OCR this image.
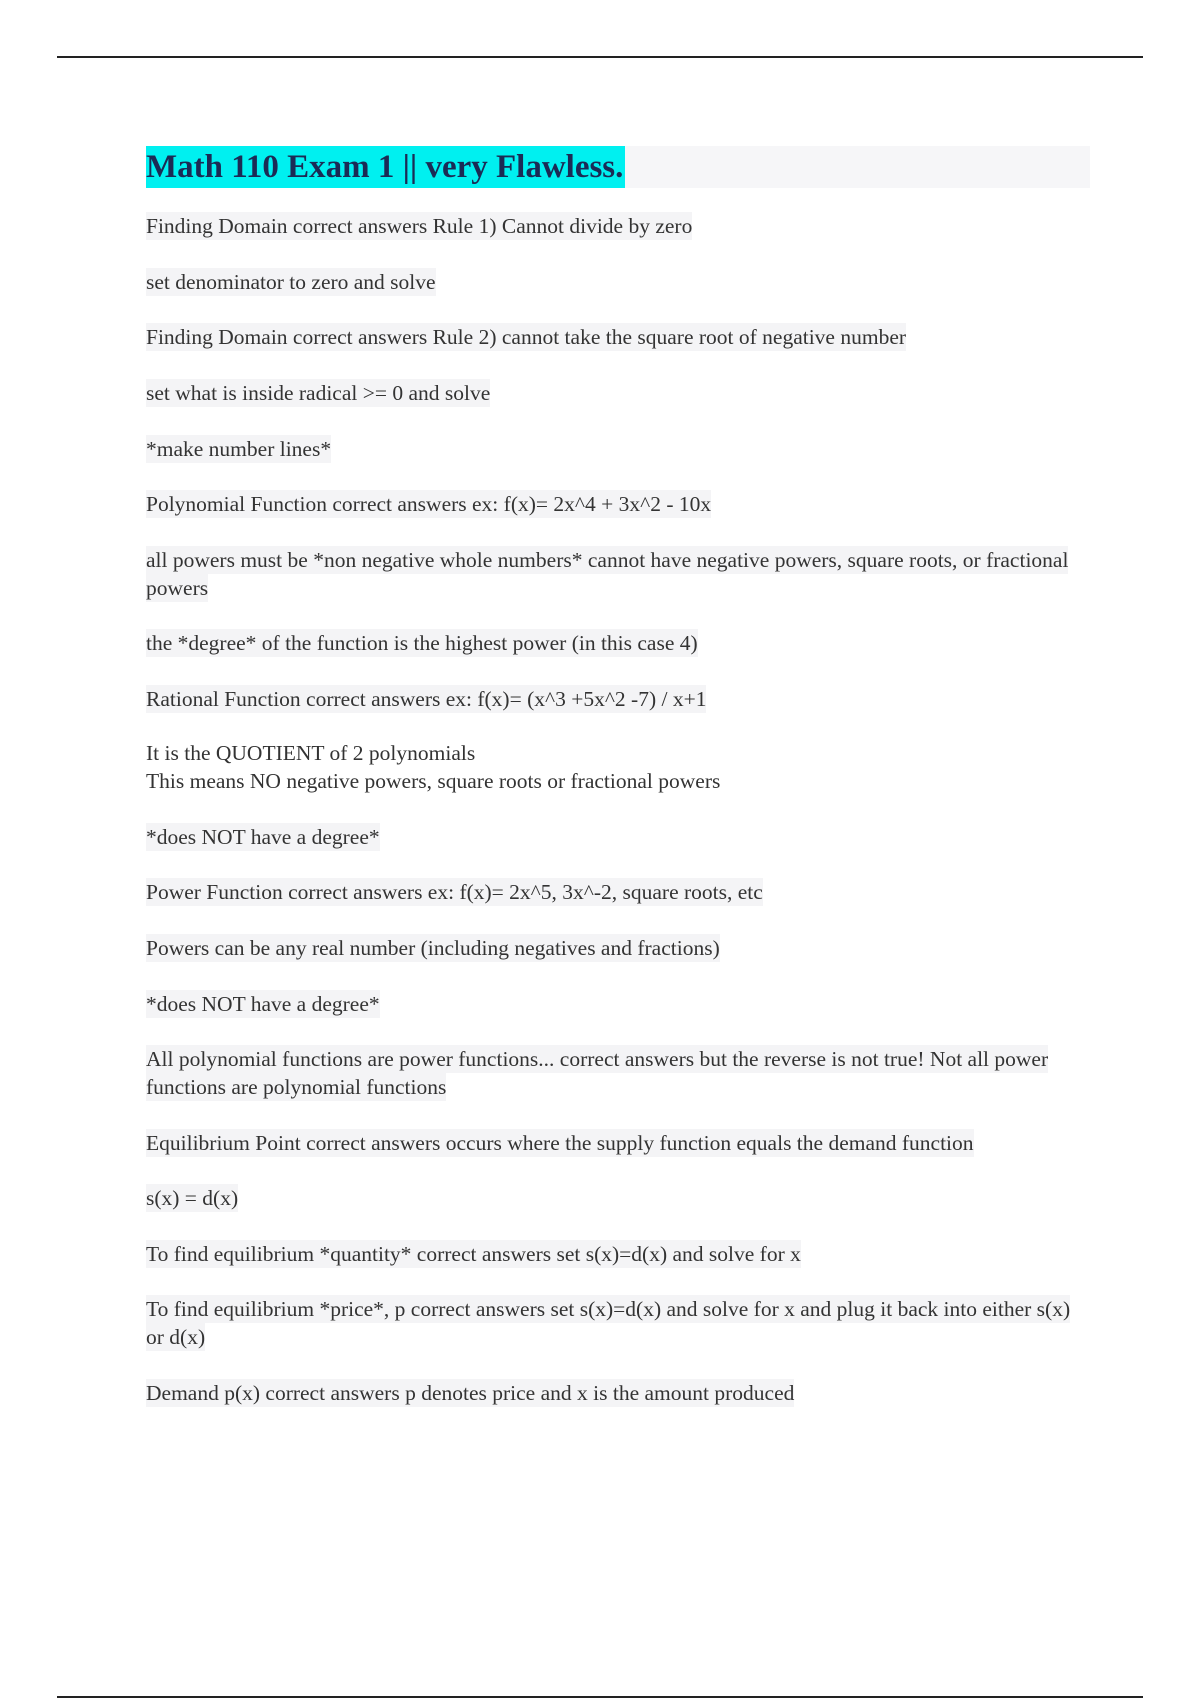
Math 110 Exam 1 || very Flawless.
Finding Domain correct answers Rule 1) Cannot divide by zero
set denominator to zero and solve
Finding Domain correct answers Rule 2) cannot take the square root of negative number
set what is inside radical >= 0 and solve
*make number lines*
Polynomial Function correct answers ex: f(x)= 2x^4 + 3x^2 - 10x
all powers must be *non negative whole numbers* cannot have negative powers, square roots, or fractional powers
the *degree* of the function is the highest power (in this case 4)
Rational Function correct answers ex: f(x)= (x^3 +5x^2 -7) / x+1
It is the QUOTIENT of 2 polynomials
This means NO negative powers, square roots or fractional powers
*does NOT have a degree*
Power Function correct answers ex: f(x)= 2x^5, 3x^-2, square roots, etc
Powers can be any real number (including negatives and fractions)
*does NOT have a degree*
All polynomial functions are power functions... correct answers but the reverse is not true! Not all power functions are polynomial functions
Equilibrium Point correct answers occurs where the supply function equals the demand function
s(x) = d(x)
To find equilibrium *quantity* correct answers set s(x)=d(x) and solve for x
To find equilibrium *price*, p correct answers set s(x)=d(x) and solve for x and plug it back into either s(x) or d(x)
Demand p(x) correct answers p denotes price and x is the amount produced
